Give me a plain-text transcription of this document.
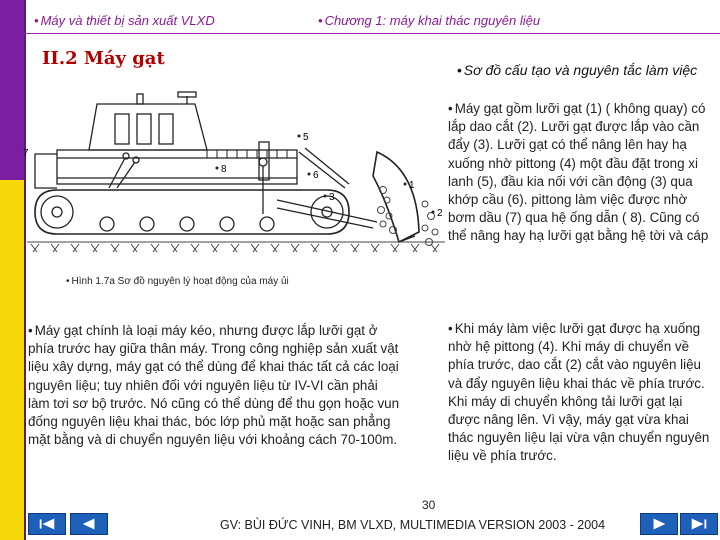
• Máy và thiết bị sản xuất VLXD
•	Chương 1: máy khai thác nguyên liệu
II.2 Máy gạt
• Sơ đồ cấu tạo và nguyên tắc làm việc
1
2
3
5
6
7
8
• Hình 1.7a Sơ đồ nguyên lý hoạt động của máy ủi
• Máy gạt gồm lưỡi gạt (1) ( không quay) có lắp dao cắt (2). Lưỡi gạt được lắp vào cần đẩy (3). Lưỡi gạt có thể nâng lên hay hạ xuống nhờ pittong (4) một đầu đặt trong xi lanh (5), đầu kia nối với cần động (3) qua khớp cầu (6). pittong làm việc được nhờ bơm dầu (7) qua hệ ống dẫn ( 8). Cũng có thể nâng hay hạ lưỡi gạt bằng hệ tời và cáp
• Máy gạt chính là loại máy kéo, nhưng được lắp lưỡi gạt ở phía trước hay giữa thân máy. Trong công nghiệp sản xuất vật liệu xây dựng, máy gạt có thể dùng để khai thác tất cả các loại nguyên liệu; tuy nhiên đối với nguyên liệu từ IV-VI cần phải làm tơi sơ bộ trước. Nó cũng có thể dùng để thu gọn hoặc vun đống nguyên liệu khai thác, bóc lớp phủ mặt hoặc san phẳng mặt bằng và di chuyển nguyên liệu với khoảng cách 70-100m.
• Khi máy làm việc lưỡi gạt được hạ xuống nhờ hệ pittong (4). Khi máy di chuyển về phía trước, dao cắt (2) cắt vào nguyên liệu và đẩy nguyên liệu khai thác về phía trước. Khi máy di chuyển không tải lưỡi gạt lại được nâng lên. Vì vậy, máy gạt vừa khai thác nguyên liệu lại vừa vận chuyển nguyên liệu về phía trước.
30
GV: BÙI ĐỨC VINH, BM VLXD, MULTIMEDIA VERSION 2003 - 2004
